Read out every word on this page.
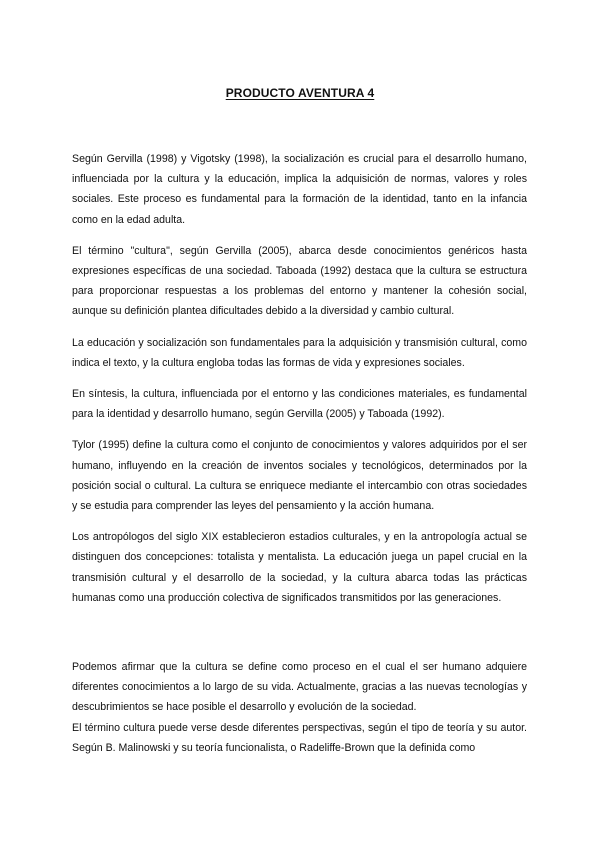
PRODUCTO AVENTURA 4

Según Gervilla (1998) y Vigotsky (1998), la socialización es crucial para el desarrollo humano, influenciada por la cultura y la educación, implica la adquisición de normas, valores y roles sociales. Este proceso es fundamental para la formación de la identidad, tanto en la infancia como en la edad adulta.

El término "cultura", según Gervilla (2005), abarca desde conocimientos genéricos hasta expresiones específicas de una sociedad. Taboada (1992) destaca que la cultura se estructura para proporcionar respuestas a los problemas del entorno y mantener la cohesión social, aunque su definición plantea dificultades debido a la diversidad y cambio cultural.

La educación y socialización son fundamentales para la adquisición y transmisión cultural, como indica el texto, y la cultura engloba todas las formas de vida y expresiones sociales.

En síntesis, la cultura, influenciada por el entorno y las condiciones materiales, es fundamental para la identidad y desarrollo humano, según Gervilla (2005) y Taboada (1992).

Tylor (1995) define la cultura como el conjunto de conocimientos y valores adquiridos por el ser humano, influyendo en la creación de inventos sociales y tecnológicos, determinados por la posición social o cultural. La cultura se enriquece mediante el intercambio con otras sociedades y se estudia para comprender las leyes del pensamiento y la acción humana.

Los antropólogos del siglo XIX establecieron estadios culturales, y en la antropología actual se distinguen dos concepciones: totalista y mentalista. La educación juega un papel crucial en la transmisión cultural y el desarrollo de la sociedad, y la cultura abarca todas las prácticas humanas como una producción colectiva de significados transmitidos por las generaciones.

Podemos afirmar que la cultura se define como proceso en el cual el ser humano adquiere diferentes conocimientos a lo largo de su vida. Actualmente, gracias a las nuevas tecnologías y descubrimientos se hace posible el desarrollo y evolución de la sociedad.

El término cultura puede verse desde diferentes perspectivas, según el tipo de teoría y su autor. Según B. Malinowski y su teoría funcionalista, o Radeliffe-Brown que la definida como
